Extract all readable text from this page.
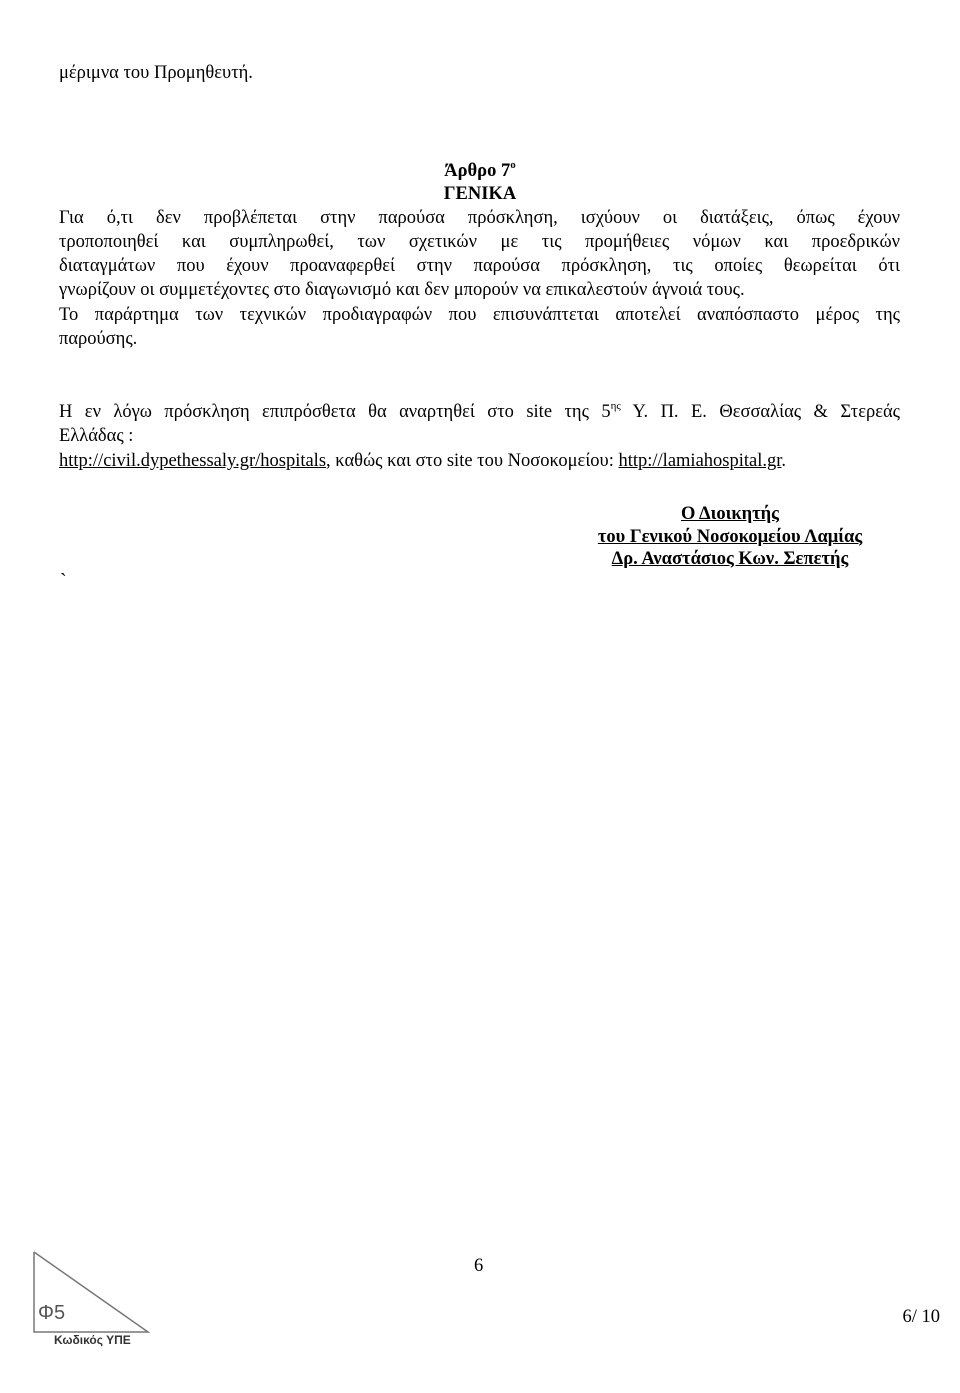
μέριμνα του Προμηθευτή.
Άρθρο $7^o$
ΓΕΝΙΚΑ
Για ό,τι δεν προβλέπεται στην παρούσα πρόσκληση, ισχύουν οι διατάξεις, όπως έχουν
τροποποιηθεί και συμπληρωθεί, των σχετικών με τις προμήθειες νόμων και προεδρικών
διαταγμάτων που έχουν προαναφερθεί στην παρούσα πρόσκληση, τις οποίες θεωρείται ότι
γνωρίζουν οι συμμετέχοντες στο διαγωνισμό και δεν μπορούν να επικαλεστούν άγνοιά τους.
Το παράρτημα των τεχνικών προδιαγραφών που επισυνάπτεται αποτελεί αναπόσπαστο μέρος της
παρούσης.
Η εν λόγω πρόσκληση επιπρόσθετα θα αναρτηθεί στο site της $5^{\eta\varsigma}$ Υ. Π. Ε. Θεσσαλίας & Στερεάς
Ελλάδας :
http://civil.dypethessaly.gr/hospitals, καθώς και στο site του Νοσοκομείου: http://lamiahospital.gr.
Ο Διοικητής
του Γενικού Νοσοκομείου Λαμίας
Δρ. Αναστάσιος Κων. Σεπετής
`
6
Φ5
Κωδικός ΥΠΕ
6/ 10
